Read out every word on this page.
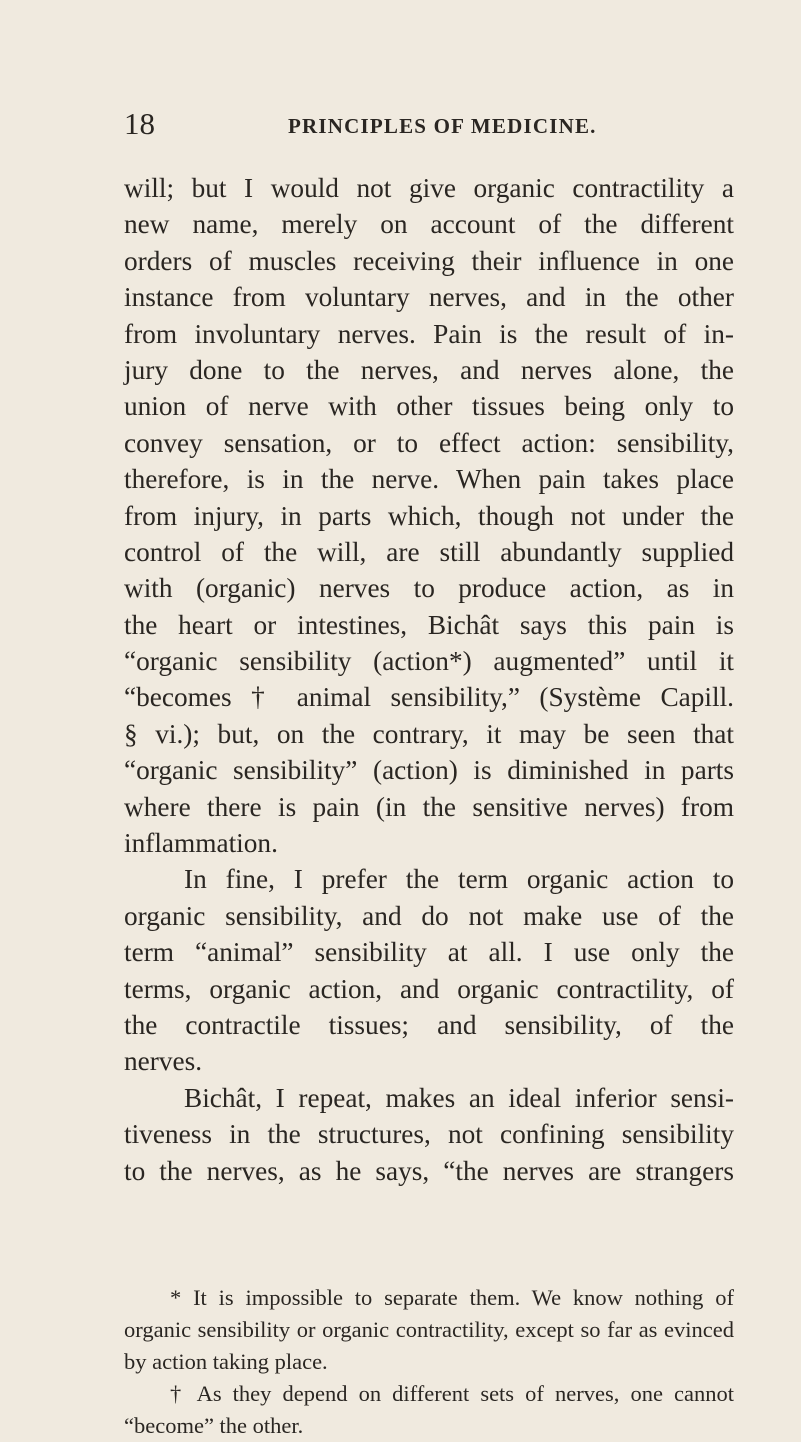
18	PRINCIPLES OF MEDICINE.
will; but I would not give organic contractility a
new name, merely on account of the different
orders of muscles receiving their influence in one
instance from voluntary nerves, and in the other
from involuntary nerves. Pain is the result of in-
jury done to the nerves, and nerves alone, the
union of nerve with other tissues being only to
convey sensation, or to effect action: sensibility,
therefore, is in the nerve. When pain takes place
from injury, in parts which, though not under the
control of the will, are still abundantly supplied
with (organic) nerves to produce action, as in
the heart or intestines, Bichât says this pain is
“organic sensibility (action*) augmented” until it
“becomes † animal sensibility,” (Système Capill.
§ vi.); but, on the contrary, it may be seen that
“organic sensibility” (action) is diminished in parts
where there is pain (in the sensitive nerves) from
inflammation.
In fine, I prefer the term organic action to
organic sensibility, and do not make use of the
term “animal” sensibility at all. I use only the
terms, organic action, and organic contractility, of
the contractile tissues; and sensibility, of the
nerves.
Bichât, I repeat, makes an ideal inferior sensi-
tiveness in the structures, not confining sensibility
to the nerves, as he says, “the nerves are strangers
* It is impossible to separate them. We know nothing of
organic sensibility or organic contractility, except so far as evinced
by action taking place.
† As they depend on different sets of nerves, one cannot
“become” the other.
